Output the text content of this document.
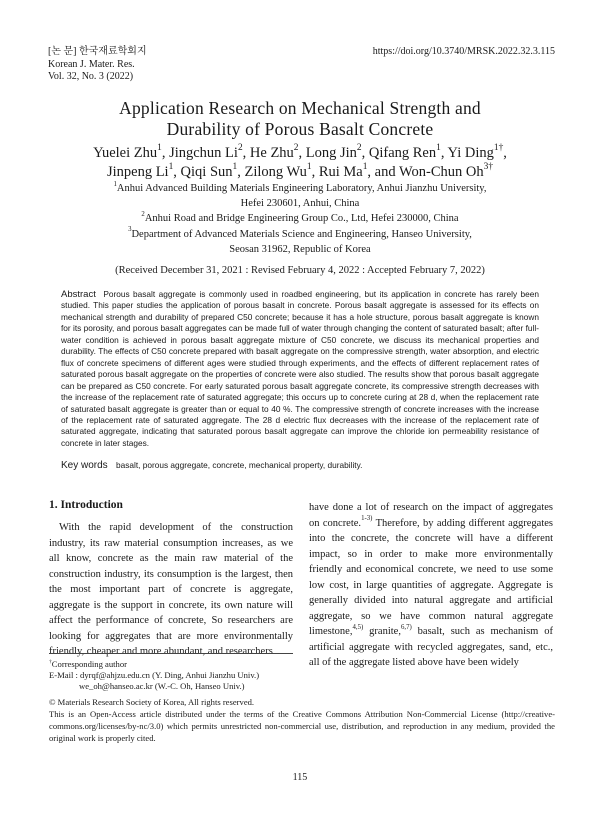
[논 문] 한국재료학회지
Korean J. Mater. Res.
Vol. 32, No. 3 (2022)
https://doi.org/10.3740/MRSK.2022.32.3.115
Application Research on Mechanical Strength and
Durability of Porous Basalt Concrete
Yuelei Zhu$^1$, Jingchun Li$^2$, He Zhu$^2$, Long Jin$^2$, Qifang Ren$^1$, Yi Ding$^{1\dagger}$,
Jinpeng Li$^1$, Qiqi Sun$^1$, Zilong Wu$^1$, Rui Ma$^1$, and Won-Chun $Oh^{3\dagger}$
$^1$Anhui Advanced Building Materials Engineering Laboratory, Anhui Jianzhu University,
Hefei 230601, Anhui, China
$^2$Anhui Road and Bridge Engineering Group Co., Ltd, Hefei 230000, China
$^3$Department of Advanced Materials Science and Engineering, Hanseo University,
Seosan 31962, Republic of Korea
(Received December 31, 2021 : Revised February 4, 2022 : Accepted February 7, 2022)
Abstract Porous basalt aggregate is commonly used in roadbed engineering, but its application in concrete has rarely been studied. This paper studies the application of porous basalt in concrete. Porous basalt aggregate is assessed for its effects on mechanical strength and durability of prepared C50 concrete; because it has a hole structure, porous basalt aggregate is known for its porosity, and porous basalt aggregates can be made full of water through changing the content of saturated basalt; after full-water condition is achieved in porous basalt aggregate mixture of C50 concrete, we discuss its mechanical properties and durability. The effects of C50 concrete prepared with basalt aggregate on the compressive strength, water absorption, and electric flux of concrete specimens of different ages were studied through experiments, and the effects of different replacement rates of saturated porous basalt aggregate on the properties of concrete were also studied. The results show that porous basalt aggregate can be prepared as C50 concrete. For early saturated porous basalt aggregate concrete, its compressive strength decreases with the increase of the replacement rate of saturated aggregate; this occurs up to concrete curing at 28 d, when the replacement rate of saturated basalt aggregate is greater than or equal to 40 %. The compressive strength of concrete increases with the increase of the replacement rate of saturated aggregate. The 28 d electric flux decreases with the increase of the replacement rate of saturated aggregate, indicating that saturated porous basalt aggregate can improve the chloride ion permeability resistance of concrete in later stages.
Key words basalt, porous aggregate, concrete, mechanical property, durability.
1. Introduction
With the rapid development of the construction industry, its raw material consumption increases, as we all know, concrete as the main raw material of the construction industry, its consumption is the largest, then the most important part of concrete is aggregate, aggregate is the support in concrete, its own nature will affect the performance of concrete, So researchers are looking for aggregates that are more environmentally friendly, cheaper and more abundant, and researchers
have done a lot of research on the impact of aggregates on concrete.$^{1-3)}$ Therefore, by adding different aggregates into the concrete, the concrete will have a different impact, so in order to make more environmentally friendly and economical concrete, we need to use some low cost, in large quantities of aggregate. Aggregate is generally divided into natural aggregate and artificial aggregate, so we have common natural aggregate limestone,$^{4,5)}$ granite,$^{6,7)}$ basalt, such as mechanism of artificial aggregate with recycled aggregates, sand, etc., all of the aggregate listed above have been widely
†Corresponding author
E-Mail : dyrqf@ahjzu.edu.cn (Y. Ding, Anhui Jianzhu Univ.)
we_oh@hanseo.ac.kr (W.-C. Oh, Hanseo Univ.)
© Materials Research Society of Korea, All rights reserved.
This is an Open-Access article distributed under the terms of the Creative Commons Attribution Non-Commercial License (http://creative-commons.org/licenses/by-nc/3.0) which permits unrestricted non-commercial use, distribution, and reproduction in any medium, provided the original work is properly cited.
115
